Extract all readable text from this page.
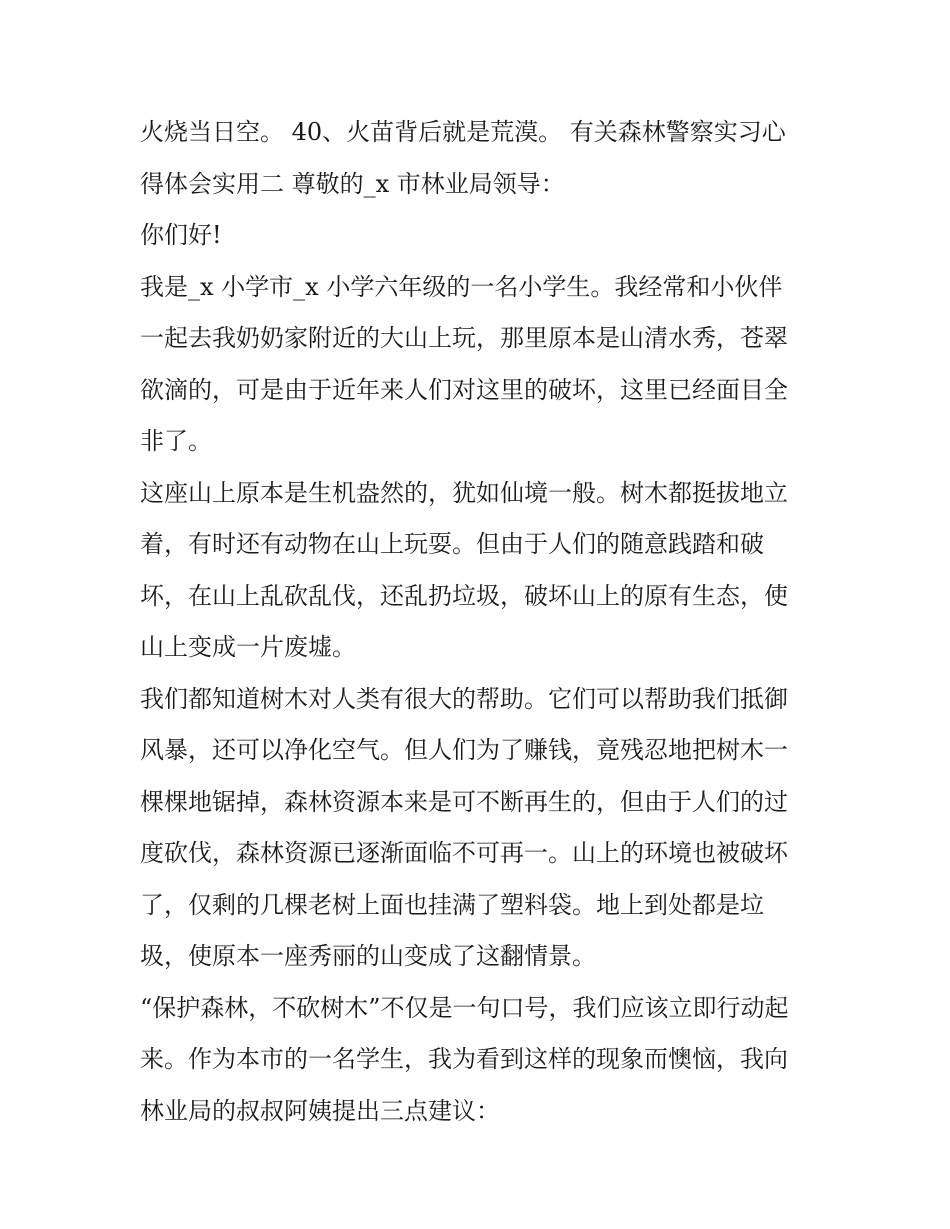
火烧当日空。 40、火苗背后就是荒漠。 有关森林警察实习心
得体会实用二 尊敬的_x 市林业局领导：
你们好!
我是_x 小学市_x 小学六年级的一名小学生。我经常和小伙伴
一起去我奶奶家附近的大山上玩，那里原本是山清水秀，苍翠
欲滴的，可是由于近年来人们对这里的破坏，这里已经面目全
非了。
这座山上原本是生机盎然的，犹如仙境一般。树木都挺拔地立
着，有时还有动物在山上玩耍。但由于人们的随意践踏和破
坏，在山上乱砍乱伐，还乱扔垃圾，破坏山上的原有生态，使
山上变成一片废墟。
我们都知道树木对人类有很大的帮助。它们可以帮助我们抵御
风暴，还可以净化空气。但人们为了赚钱，竟残忍地把树木一
棵棵地锯掉，森林资源本来是可不断再生的，但由于人们的过
度砍伐，森林资源已逐渐面临不可再一。山上的环境也被破坏
了，仅剩的几棵老树上面也挂满了塑料袋。地上到处都是垃
圾，使原本一座秀丽的山变成了这翻情景。
“保护森林，不砍树木”不仅是一句口号，我们应该立即行动起
来。作为本市的一名学生，我为看到这样的现象而懊恼，我向
林业局的叔叔阿姨提出三点建议：
